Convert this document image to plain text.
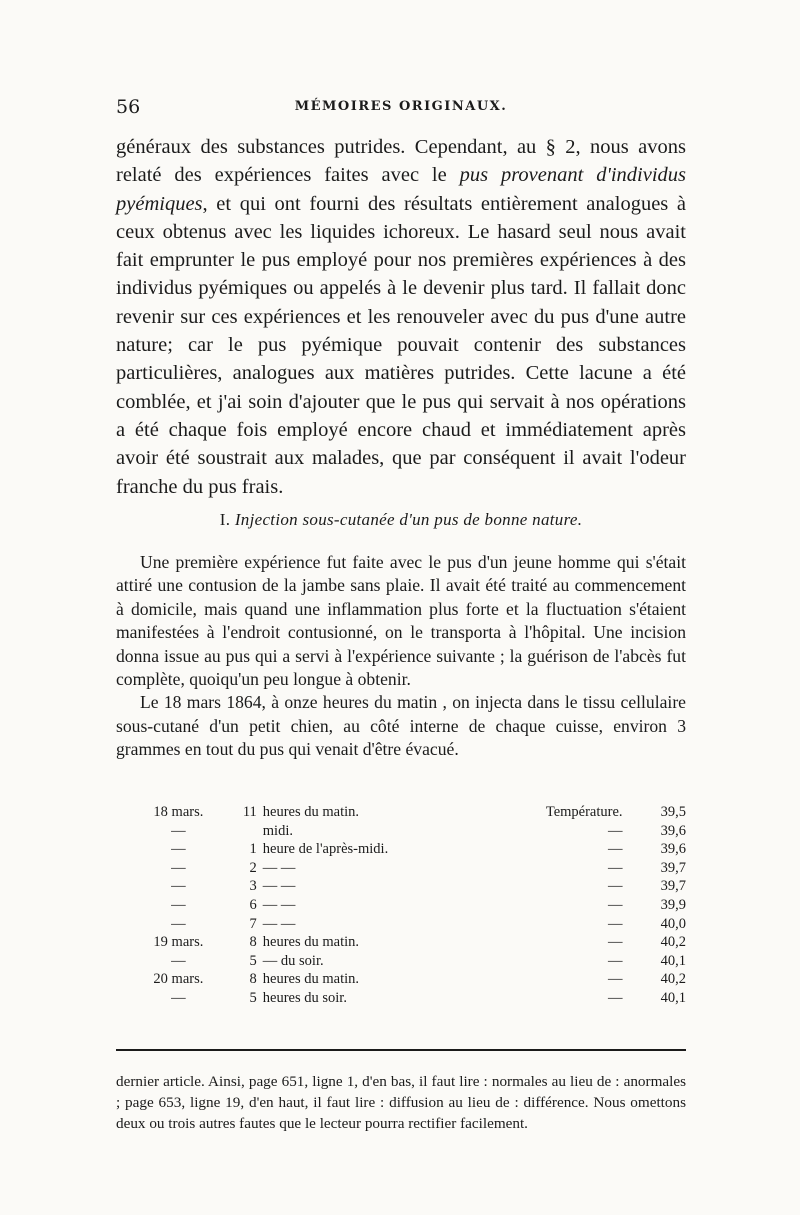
56	MÉMOIRES ORIGINAUX.

généraux des substances putrides. Cependant, au § 2, nous avons relaté des expériences faites avec le pus provenant d'individus pyémiques, et qui ont fourni des résultats entièrement analogues à ceux obtenus avec les liquides ichoreux. Le hasard seul nous avait fait emprunter le pus employé pour nos premières expériences à des individus pyémiques ou appelés à le devenir plus tard. Il fallait donc revenir sur ces expériences et les renouveler avec du pus d'une autre nature; car le pus pyémique pouvait contenir des substances particulières, analogues aux matières putrides. Cette lacune a été comblée, et j'ai soin d'ajouter que le pus qui servait à nos opérations a été chaque fois employé encore chaud et immédiatement après avoir été soustrait aux malades, que par conséquent il avait l'odeur franche du pus frais.

I. Injection sous-cutanée d'un pus de bonne nature.

Une première expérience fut faite avec le pus d'un jeune homme qui s'était attiré une contusion de la jambe sans plaie. Il avait été traité au commencement à domicile, mais quand une inflammation plus forte et la fluctuation s'étaient manifestées à l'endroit contusionné, on le transporta à l'hôpital. Une incision donna issue au pus qui a servi à l'expérience suivante ; la guérison de l'abcès fut complète, quoiqu'un peu longue à obtenir.

Le 18 mars 1864, à onze heures du matin , on injecta dans le tissu cellulaire sous-cutané d'un petit chien, au côté interne de chaque cuisse, environ 3 grammes en tout du pus qui venait d'être évacué.

18 mars.	11 heures du matin.	Température.	39,5
—	midi.	—	39,6
—	1 heure de l'après-midi.	—	39,6
—	2 — —	—	39,7
—	3 — —	—	39,7
—	6 — —	—	39,9
—	7 — —	—	40,0
19 mars.	8 heures du matin.	—	40,2
—	5 — du soir.	—	40,1
20 mars.	8 heures du matin.	—	40,2
—	5 heures du soir.	—	40,1
dernier article. Ainsi, page 651, ligne 1, d'en bas, il faut lire : normales au lieu de : anormales ; page 653, ligne 19, d'en haut, il faut lire : diffusion au lieu de : différence. Nous omettons deux ou trois autres fautes que le lecteur pourra rectifier facilement.
